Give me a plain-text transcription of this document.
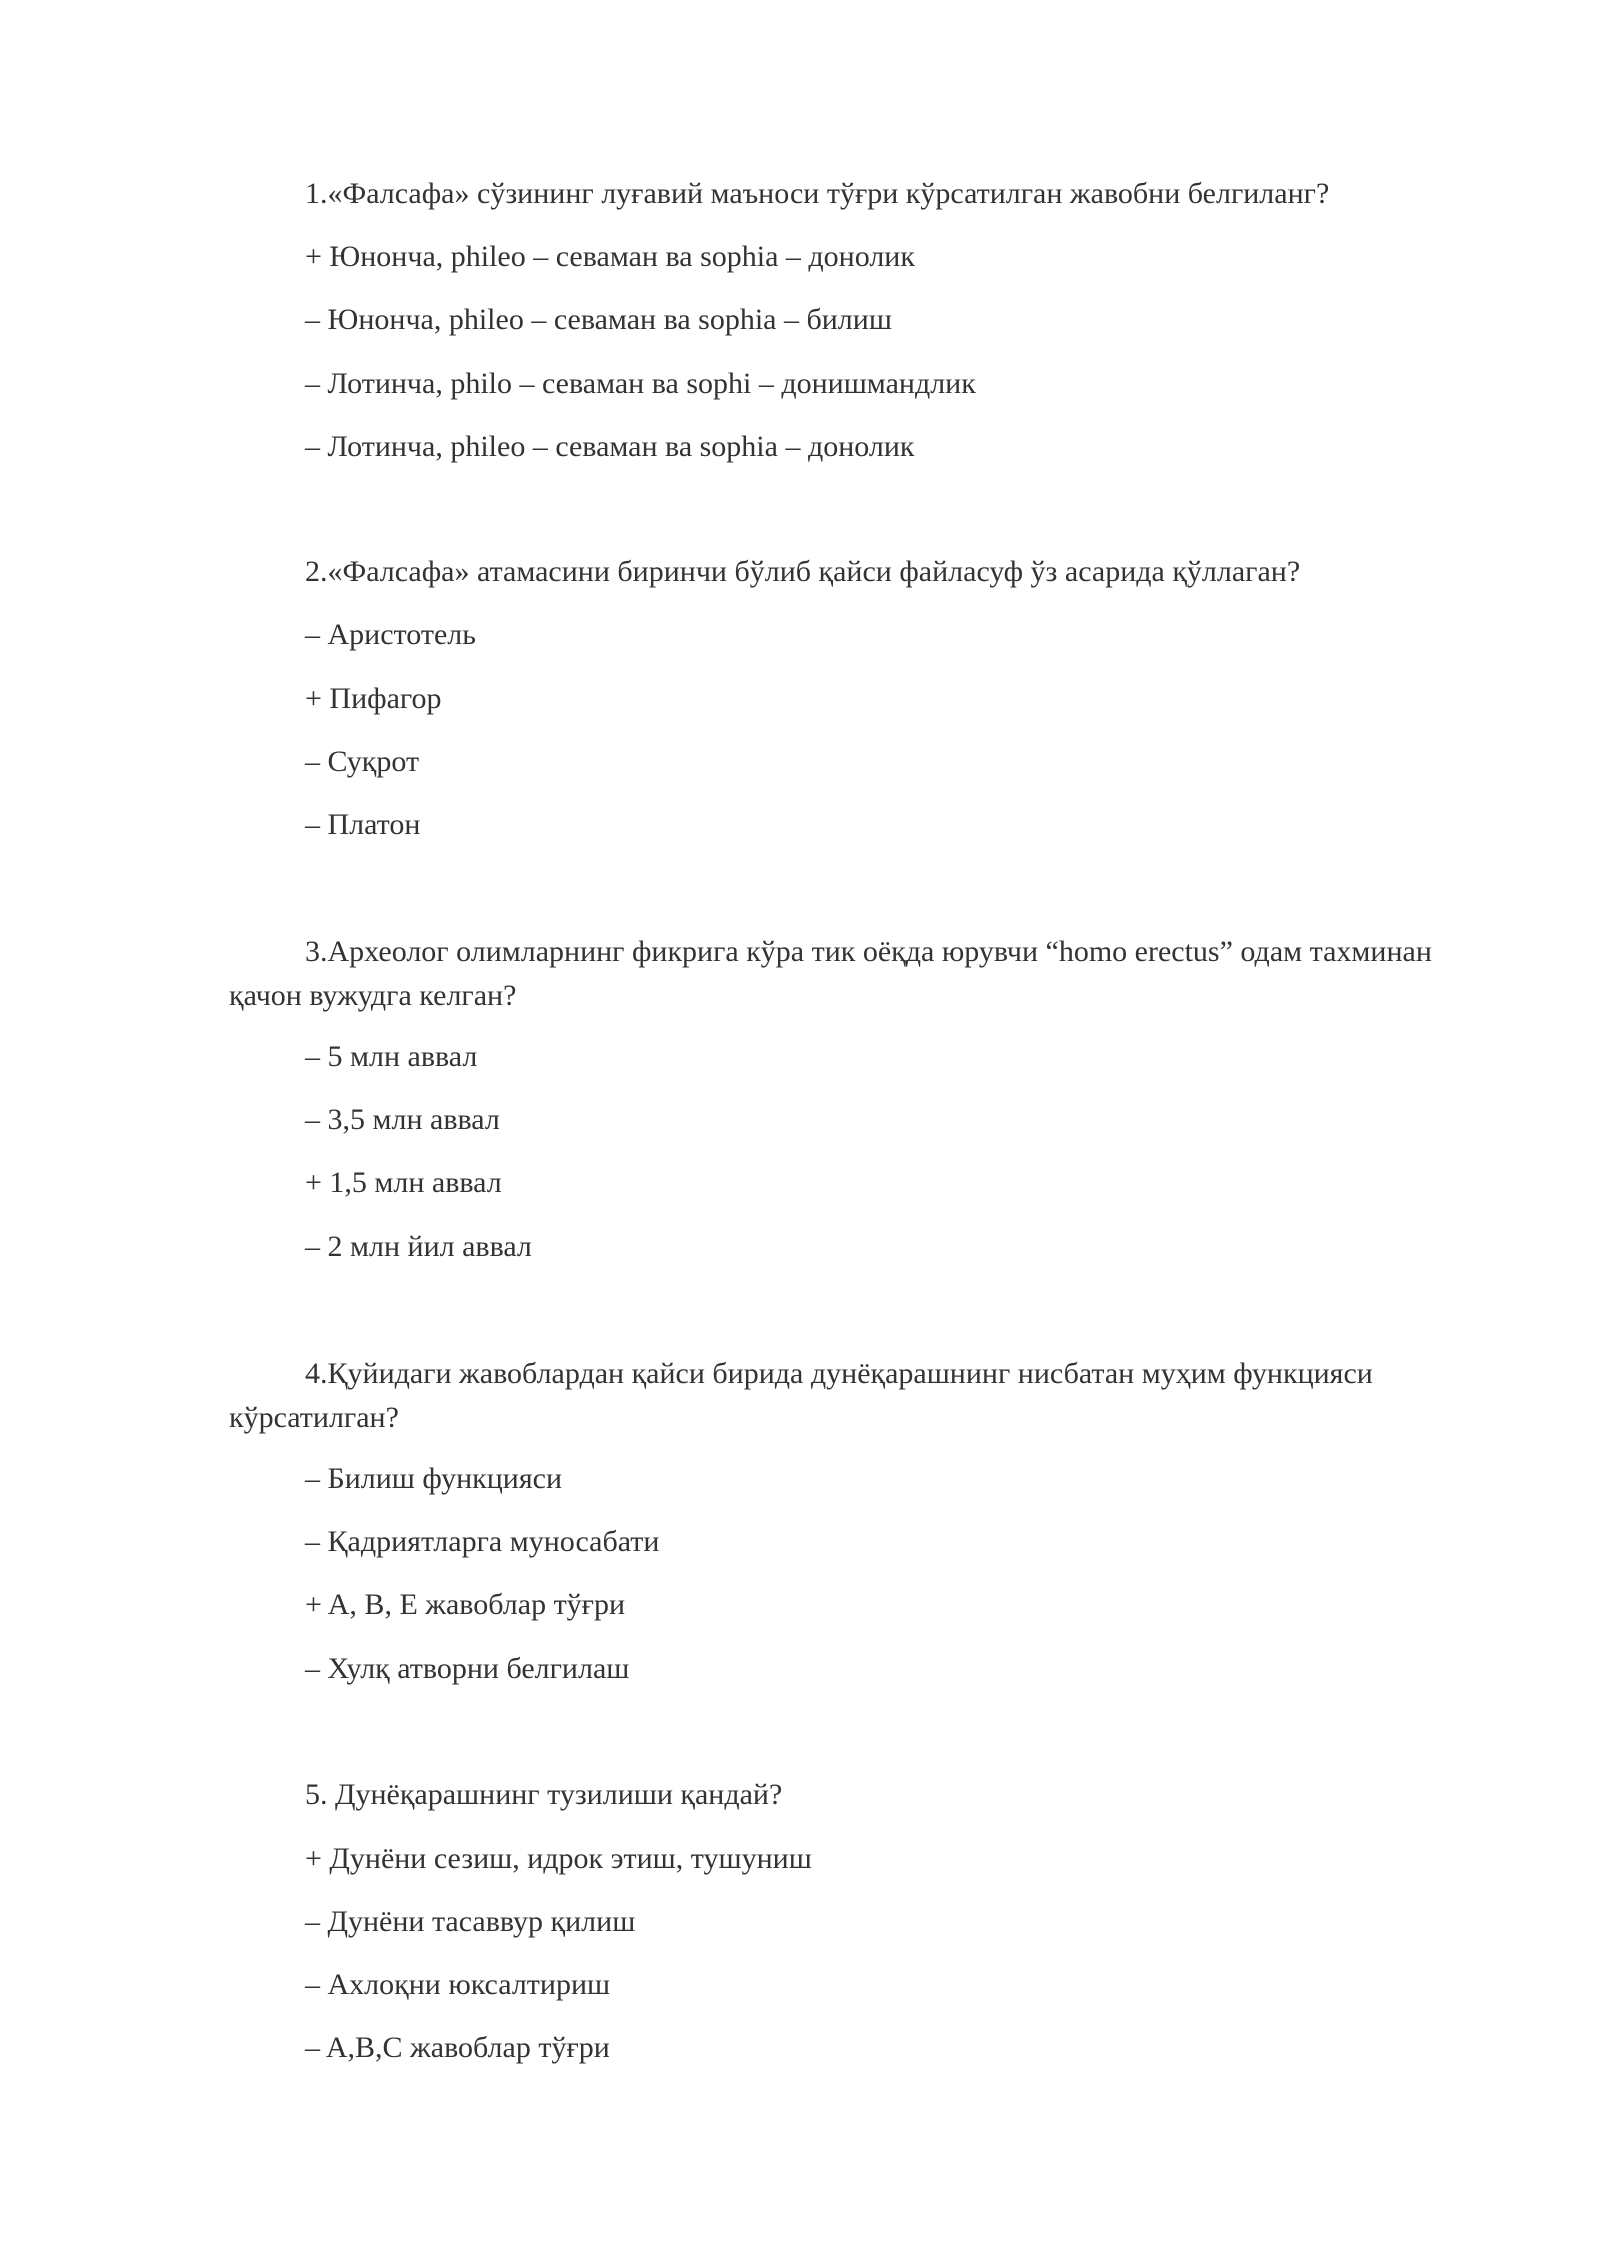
1.«Фалсафа» сўзининг луғавий маъноси тўғри кўрсатилган жавобни белгиланг?

+ Юнонча, phileo – севаман ва sophia – донолик

– Юнонча, phileo – севаман ва sophia – билиш

– Лотинча, philo – севаман ва sophi – донишмандлик

– Лотинча, phileo – севаман ва sophia – донолик

2.«Фалсафа» атамасини биринчи бўлиб қайси файласуф ўз асарида қўллаган?

– Аристотель

+ Пифагор

– Суқрот

– Платон

3.Археолог олимларнинг фикрига кўра тик оёқда юрувчи “homo erectus” одам тахминан қачон вужудга келган?

– 5 млн аввал

– 3,5 млн аввал

+ 1,5 млн аввал

– 2 млн йил аввал

4.Қуйидаги жавоблардан қайси бирида дунёқарашнинг нисбатан муҳим функцияси кўрсатилган?

– Билиш функцияси

– Қадриятларга муносабати

+ A, B, E жавоблар тўғри

– Хулқ атворни белгилаш

5. Дунёқарашнинг тузилиши қандай?

+ Дунёни сезиш, идрок этиш, тушуниш

– Дунёни тасаввур қилиш

– Ахлоқни юксалтириш

– A,B,C жавоблар тўғри
